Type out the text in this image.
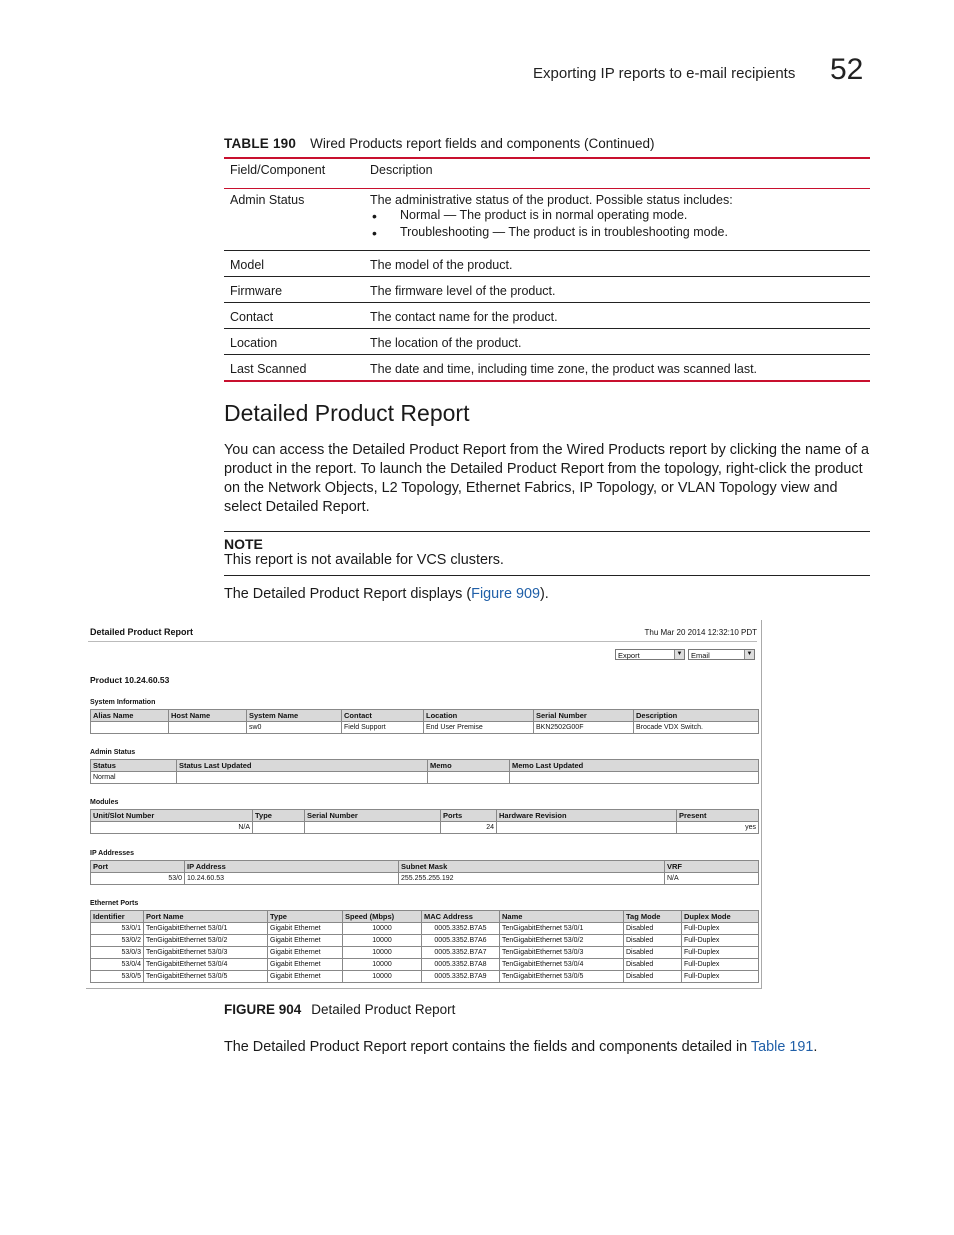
Exporting IP reports to e-mail recipients 52
TABLE 190 Wired Products report fields and components (Continued)
Field/Component	Description
Admin Status	The administrative status of the product. Possible status includes:
•	Normal — The product is in normal operating mode.
•	Troubleshooting — The product is in troubleshooting mode.
Model	The model of the product.
Firmware	The firmware level of the product.
Contact	The contact name for the product.
Location	The location of the product.
Last Scanned	The date and time, including time zone, the product was scanned last.
Detailed Product Report
You can access the Detailed Product Report from the Wired Products report by clicking the name of a product in the report. To launch the Detailed Product Report from the topology, right-click the product on the Network Objects, L2 Topology, Ethernet Fabrics, IP Topology, or VLAN Topology view and select Detailed Report.
NOTE
This report is not available for VCS clusters.
The Detailed Product Report displays (Figure 909).
Detailed Product Report	Thu Mar 20 2014 12:32:10 PDT
Export	▼	Email	▼
Product 10.24.60.53
System Information
Alias Name	Host Name	System Name	Contact	Location	Serial Number	Description
		sw0	Field Support	End User Premise	BKN2502G00F	Brocade VDX Switch.
Admin Status
Status	Status Last Updated	Memo	Memo Last Updated
Normal			
Modules
Unit/Slot Number	Type	Serial Number	Ports	Hardware Revision	Present
N/A			24		yes
IP Addresses
Port	IP Address	Subnet Mask	VRF
53/0	10.24.60.53	255.255.255.192	N/A
Ethernet Ports
Identifier	Port Name	Type	Speed (Mbps)	MAC Address	Name	Tag Mode	Duplex Mode
53/0/1	TenGigabitEthernet 53/0/1	Gigabit Ethernet	10000	0005.3352.B7A5	TenGigabitEthernet 53/0/1	Disabled	Full-Duplex
53/0/2	TenGigabitEthernet 53/0/2	Gigabit Ethernet	10000	0005.3352.B7A6	TenGigabitEthernet 53/0/2	Disabled	Full-Duplex
53/0/3	TenGigabitEthernet 53/0/3	Gigabit Ethernet	10000	0005.3352.B7A7	TenGigabitEthernet 53/0/3	Disabled	Full-Duplex
53/0/4	TenGigabitEthernet 53/0/4	Gigabit Ethernet	10000	0005.3352.B7A8	TenGigabitEthernet 53/0/4	Disabled	Full-Duplex
53/0/5	TenGigabitEthernet 53/0/5	Gigabit Ethernet	10000	0005.3352.B7A9	TenGigabitEthernet 53/0/5	Disabled	Full-Duplex
FIGURE 904 Detailed Product Report
The Detailed Product Report report contains the fields and components detailed in Table 191.
